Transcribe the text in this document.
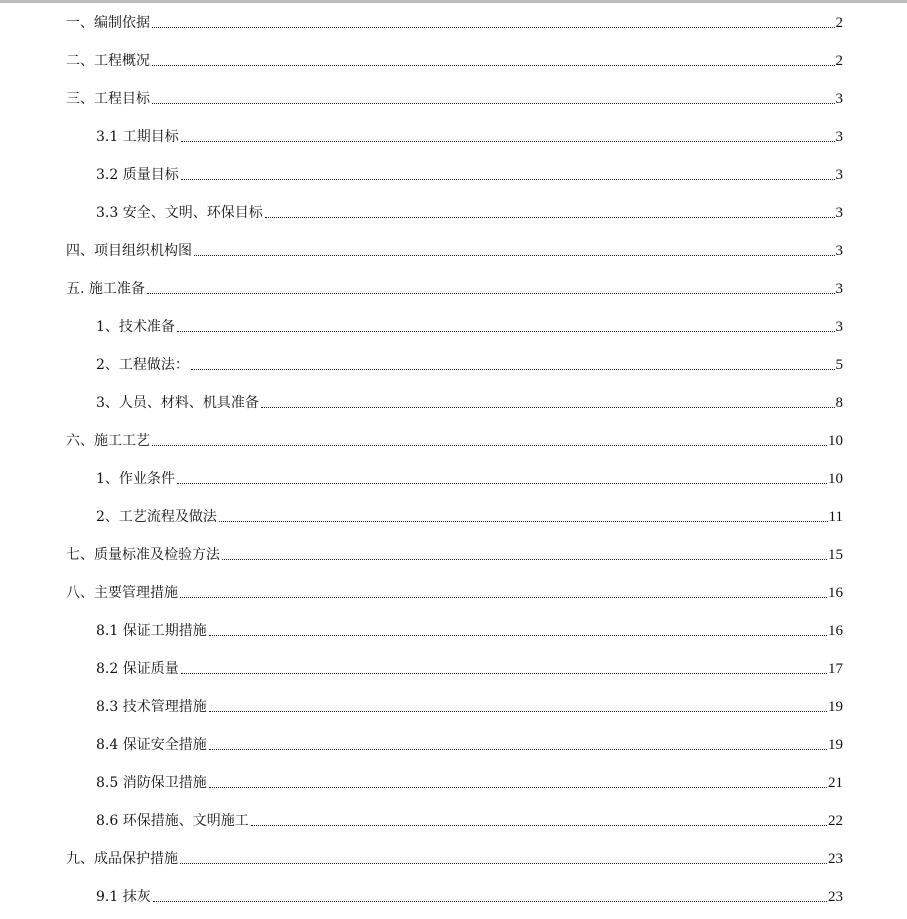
一、编制依据	2
二、工程概况	2
三、工程目标	3
3.1 工期目标	3
3.2 质量目标	3
3.3 安全、文明、环保目标	3
四、项目组织机构图	3
五. 施工准备	3
1、技术准备	3
2、工程做法：	5
3、人员、材料、机具准备	8
六、施工工艺	10
1、作业条件	10
2、工艺流程及做法	11
七、质量标准及检验方法	15
八、主要管理措施	16
8.1 保证工期措施	16
8.2 保证质量	17
8.3 技术管理措施	19
8.4 保证安全措施	19
8.5 消防保卫措施	21
8.6 环保措施、文明施工	22
九、成品保护措施	23
9.1 抹灰	23
